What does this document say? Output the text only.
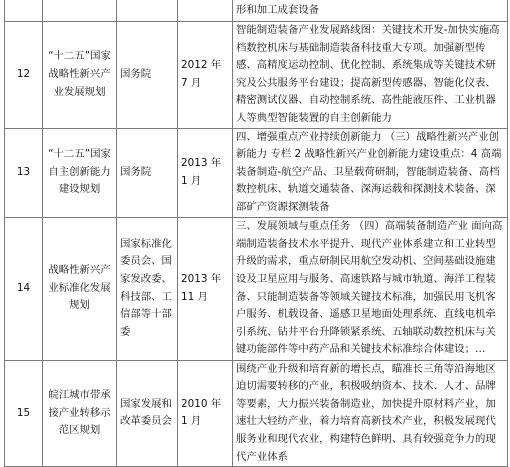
				形和加工成套设备
12	“十二五”国家战略性新兴产业发展规划	国务院	2012 年 7 月	智能制造装备产业发展路线图：关键技术开发-加快实施高档数控机床与基础制造装备科技重大专项。加强新型传感、高精度运动控制、优化控制、系统集成等关键技术研究及公共服务平台建设；提高新型传感器、智能化仪表、精密测试仪器、自动控制系统、高性能液压件、工业机器人等典型智能装置的自主创新能力
13	“十二五”国家自主创新能力建设规划	国务院	2013 年 1 月	四、增强重点产业持续创新能力 （三）战略性新兴产业创新能力 专栏 2 战略性新兴产业创新能力建设重点：4 高端装备制造-航空产品、卫星载荷研制，智能制造装备、高档数控机床、轨道交通装备、深海运载和探测技术装备、深部矿产资源探测装备
14	战略性新兴产业标准化发展规划	国家标准化委员会、国家发改委、科技部、工信部等十部委	2013 年 11 月	三、发展领域与重点任务 （四）高端装备制造产业 面向高端制造装备技术水平提升、现代产业体系建立和工业转型升级的需求，重点研制民用航空发动机、空间基础设施建设及卫星应用与服务、高速铁路与城市轨道、海洋工程装备、只能制造装备等领域关键技术标准，加强民用飞机客户服务、机载设备、遥感卫星地面处理系统、直线电机牵引系统、钻井平台升降锁紧系统、五轴联动数控机床与关键功能部件等中药产品和关键技术标准综合体建设；…
15	皖江城市带承接产业转移示范区规划	国家发展和改革委员会	2010 年 1 月	围绕产业升级和培育新的增长点，瞄准长三角等沿海地区迫切需要转移的产业，积极吸纳资本、技术、人才、品牌等要素，大力振兴装备制造业，加快提升原材料产业，加速壮大轻纺产业，着力培育高新技术产业，积极发展现代服务业和现代农业，构建特色鲜明、具有较强竞争力的现代产业体系
